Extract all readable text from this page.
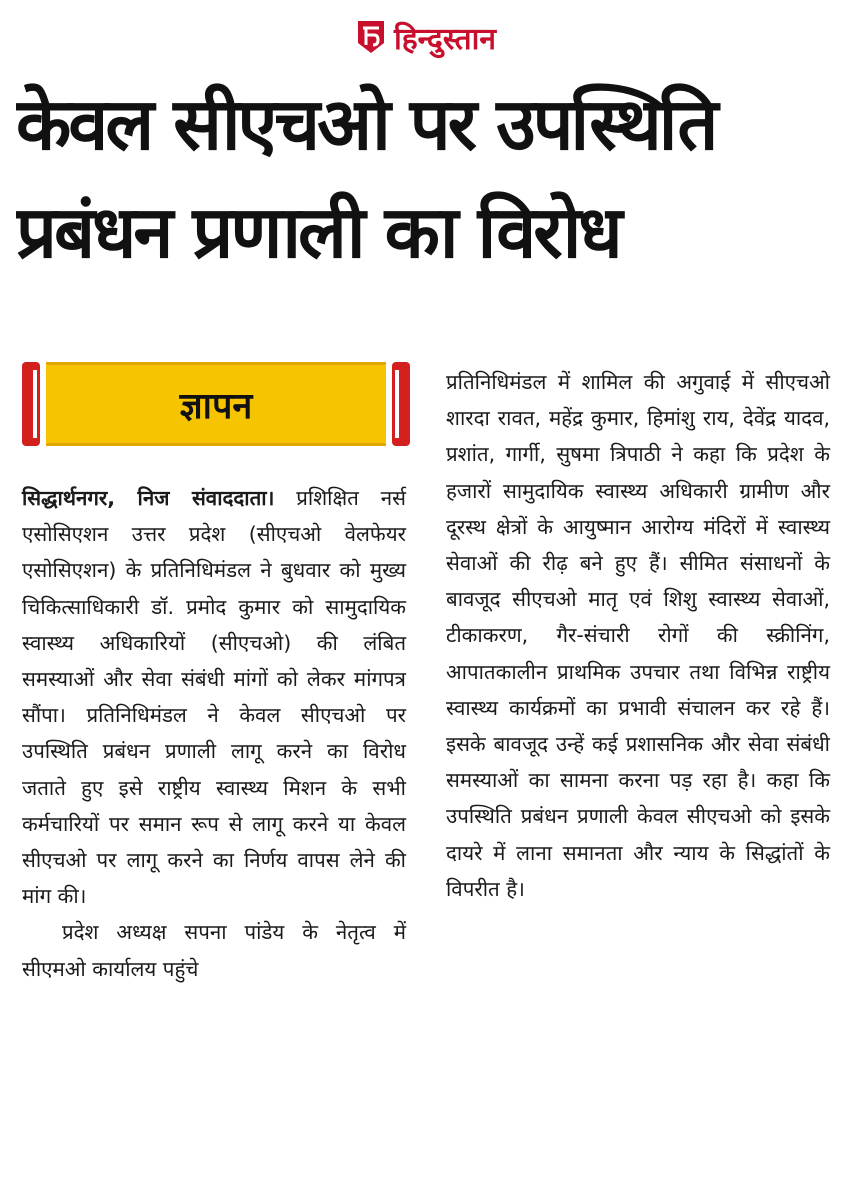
हिन्दुस्तान
केवल सीएचओ पर उपस्थिति
प्रबंधन प्रणाली का विरोध
ज्ञापन

सिद्धार्थनगर, निज संवाददाता। प्रशिक्षित नर्स एसोसिएशन उत्तर प्रदेश (सीएचओ वेलफेयर एसोसिएशन) के प्रतिनिधिमंडल ने बुधवार को मुख्य चिकित्साधिकारी डॉ. प्रमोद कुमार को सामुदायिक स्वास्थ्य अधिकारियों (सीएचओ) की लंबित समस्याओं और सेवा संबंधी मांगों को लेकर मांगपत्र सौंपा। प्रतिनिधिमंडल ने केवल सीएचओ पर उपस्थिति प्रबंधन प्रणाली लागू करने का विरोध जताते हुए इसे राष्ट्रीय स्वास्थ्य मिशन के सभी कर्मचारियों पर समान रूप से लागू करने या केवल सीएचओ पर लागू करने का निर्णय वापस लेने की मांग की।

प्रदेश अध्यक्ष सपना पांडेय के नेतृत्व में सीएमओ कार्यालय पहुंचे

प्रतिनिधिमंडल में शामिल की अगुवाई में सीएचओ शारदा रावत, महेंद्र कुमार, हिमांशु राय, देवेंद्र यादव, प्रशांत, गार्गी, सुषमा त्रिपाठी ने कहा कि प्रदेश के हजारों सामुदायिक स्वास्थ्य अधिकारी ग्रामीण और दूरस्थ क्षेत्रों के आयुष्मान आरोग्य मंदिरों में स्वास्थ्य सेवाओं की रीढ़ बने हुए हैं। सीमित संसाधनों के बावजूद सीएचओ मातृ एवं शिशु स्वास्थ्य सेवाओं, टीकाकरण, गैर-संचारी रोगों की स्क्रीनिंग, आपातकालीन प्राथमिक उपचार तथा विभिन्न राष्ट्रीय स्वास्थ्य कार्यक्रमों का प्रभावी संचालन कर रहे हैं। इसके बावजूद उन्हें कई प्रशासनिक और सेवा संबंधी समस्याओं का सामना करना पड़ रहा है। कहा कि उपस्थिति प्रबंधन प्रणाली केवल सीएचओ को इसके दायरे में लाना समानता और न्याय के सिद्धांतों के विपरीत है।
